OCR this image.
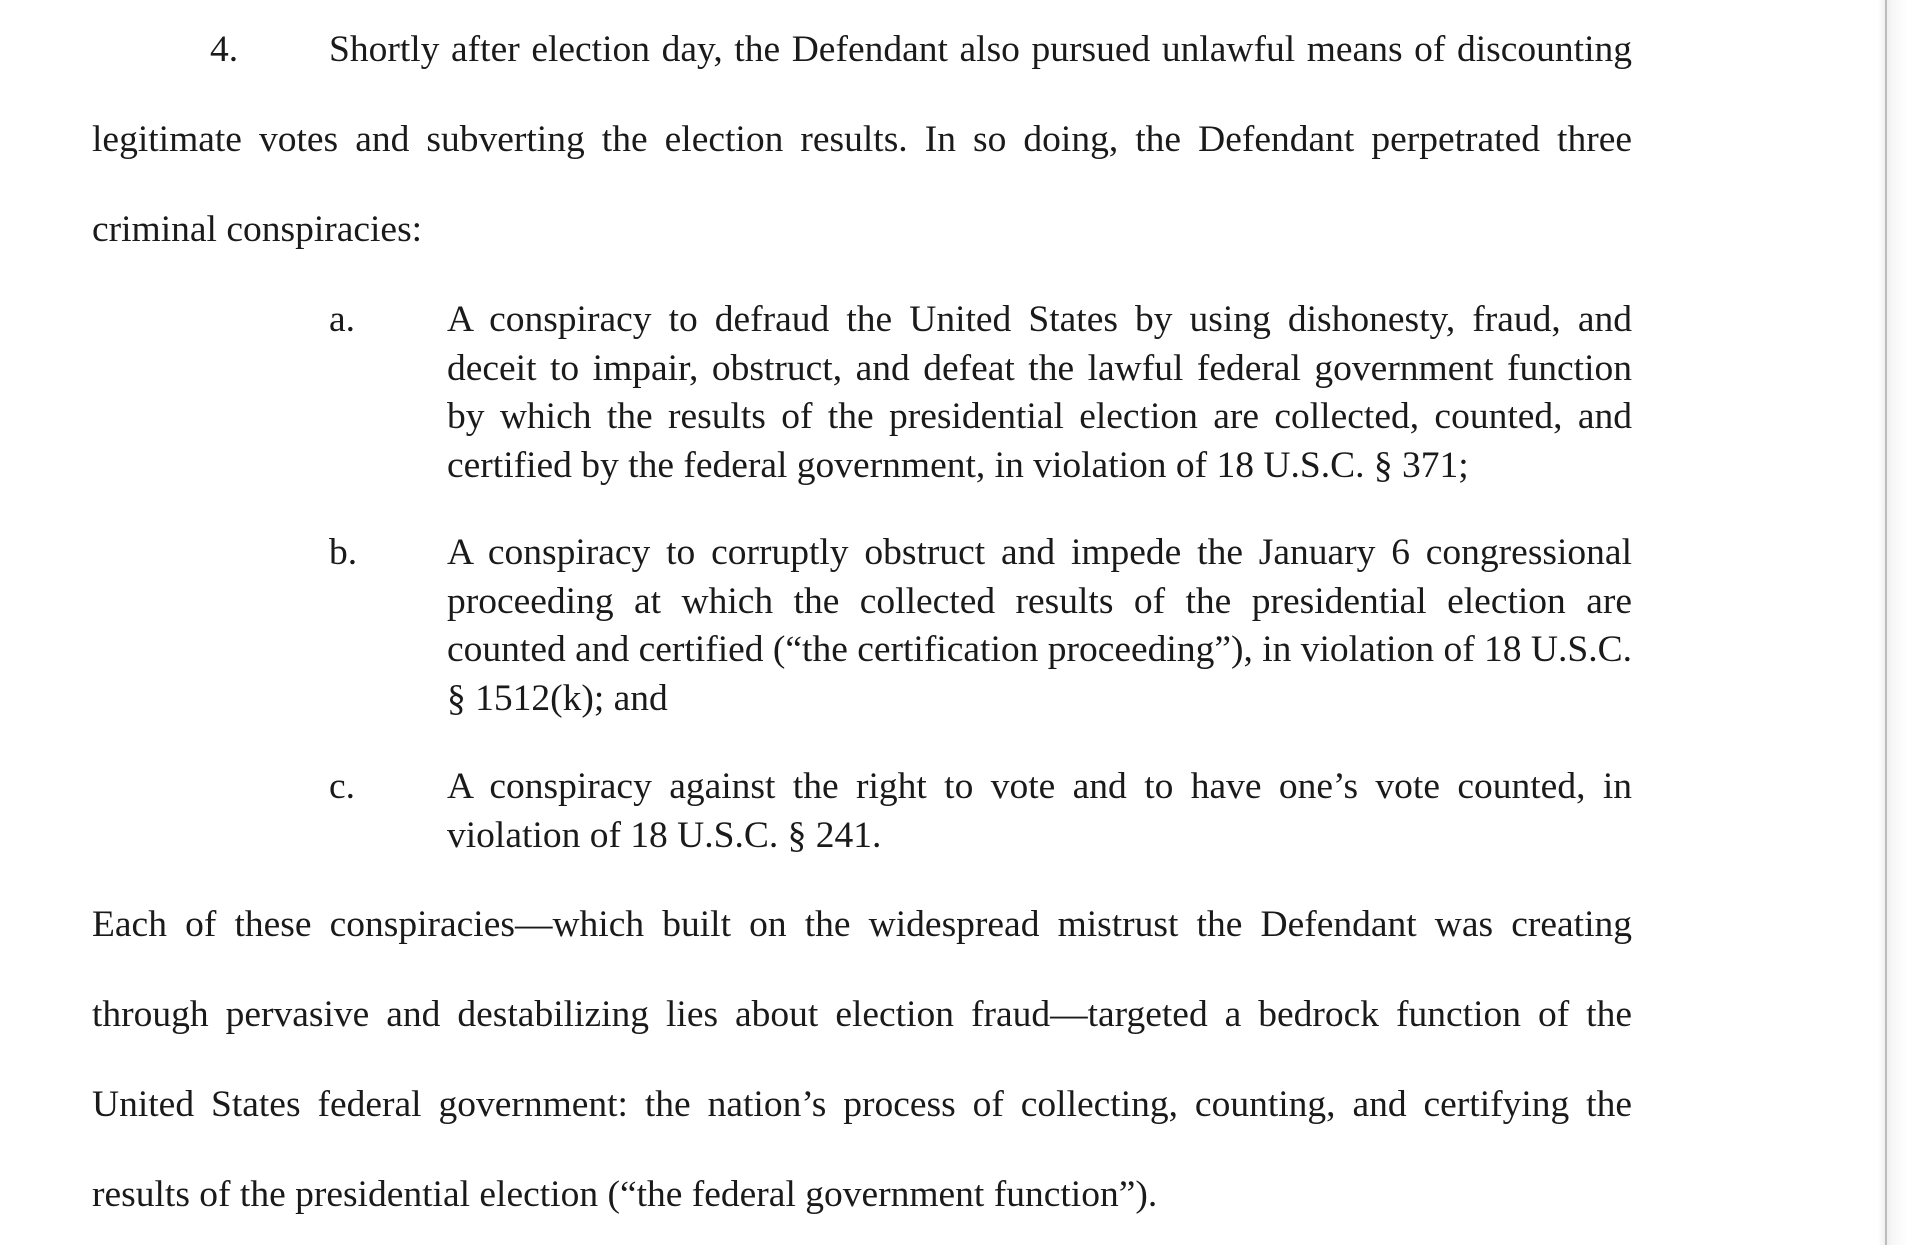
4. Shortly after election day, the Defendant also pursued unlawful means of discounting legitimate votes and subverting the election results. In so doing, the Defendant perpetrated three criminal conspiracies:
a.	A conspiracy to defraud the United States by using dishonesty, fraud, and deceit to impair, obstruct, and defeat the lawful federal government function by which the results of the presidential election are collected, counted, and certified by the federal government, in violation of 18 U.S.C. § 371;
b.	A conspiracy to corruptly obstruct and impede the January 6 congressional proceeding at which the collected results of the presidential election are counted and certified (“the certification proceeding”), in violation of 18 U.S.C. § 1512(k); and
c.	A conspiracy against the right to vote and to have one’s vote counted, in violation of 18 U.S.C. § 241.
Each of these conspiracies—which built on the widespread mistrust the Defendant was creating through pervasive and destabilizing lies about election fraud—targeted a bedrock function of the United States federal government: the nation’s process of collecting, counting, and certifying the results of the presidential election (“the federal government function”).
